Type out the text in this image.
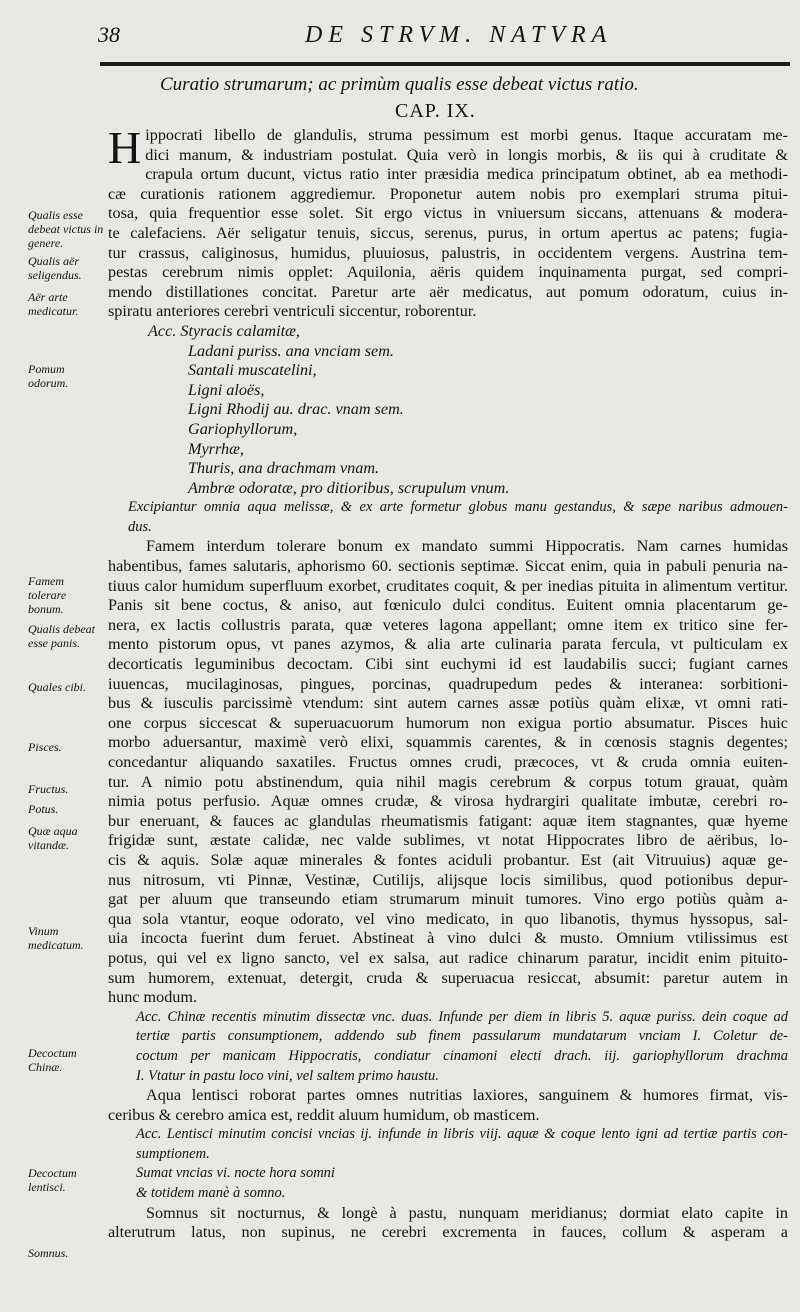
38	DE STRVM. NATVRA
Curatio strumarum; ac primùm qualis esse debeat victus ratio.
CAP. IX.
Qualis esse debeat victus in genere.
Qualis aër seligendus.
Aër arte medicatur.
Pomum odorum.
Famem tolerare bonum.
Qualis debeat esse panis.
Quales cibi.
Pisces.
Fructus.
Potus.
Quæ aqua vitandæ.
Vinum medicatum.
Decoctum Chinæ.
Decoctum lentisci.
Somnus.
H ippocrati libello de glandulis, struma pessimum est morbi genus. Itaque accuratam me-
dici manum, & industriam postulat. Quia verò in longis morbis, & iis qui à cruditate &
crapula ortum ducunt, victus ratio inter præsidia medica principatum obtinet, ab ea methodi-
cæ curationis rationem aggrediemur. Proponetur autem nobis pro exemplari struma pitui-
tosa, quia frequentior esse solet. Sit ergo victus in vniuersum siccans, attenuans & modera-
te calefaciens. Aër seligatur tenuis, siccus, serenus, purus, in ortum apertus ac patens; fugia-
tur crassus, caliginosus, humidus, pluuiosus, palustris, in occidentem vergens. Austrina tem-
pestas cerebrum nimis opplet: Aquilonia, aëris quidem inquinamenta purgat, sed compri-
mendo distillationes concitat. Paretur arte aër medicatus, aut pomum odoratum, cuius in-
spiratu anteriores cerebri ventriculi siccentur, roborentur.
Acc. Styracis calamitæ,
Ladani puriss. ana vnciam sem.
Santali muscatelini,
Ligni aloës,
Ligni Rhodij au. drac. vnam sem.
Gariophyllorum,
Myrrhæ,
Thuris, ana drachmam vnam.
Ambræ odoratæ, pro ditioribus, scrupulum vnum.
Excipiantur omnia aqua melissæ, & ex arte formetur globus manu gestandus, & sæpe naribus admouen-
dus.
Famem interdum tolerare bonum ex mandato summi Hippocratis. Nam carnes humidas
habentibus, fames salutaris, aphorismo 60. sectionis septimæ. Siccat enim, quia in pabuli penuria na-
tiuus calor humidum superfluum exorbet, cruditates coquit, & per inedias pituita in alimentum vertitur.
Panis sit bene coctus, & aniso, aut fœniculo dulci conditus. Euitent omnia placentarum ge-
nera, ex lactis collustris parata, quæ veteres lagona appellant; omne item ex tritico sine fer-
mento pistorum opus, vt panes azymos, & alia arte culinaria parata fercula, vt pulticulam ex
decorticatis leguminibus decoctam. Cibi sint euchymi id est laudabilis succi; fugiant carnes
iuuencas, mucilaginosas, pingues, porcinas, quadrupedum pedes & interanea: sorbitioni-
bus & iusculis parcissimè vtendum: sint autem carnes assæ potiùs quàm elixæ, vt omni rati-
one corpus siccescat & superuacuorum humorum non exigua portio absumatur. Pisces huic
morbo aduersantur, maximè verò elixi, squammis carentes, & in cœnosis stagnis degentes;
concedantur aliquando saxatiles. Fructus omnes crudi, præcoces, vt & cruda omnia euiten-
tur. A nimio potu abstinendum, quia nihil magis cerebrum & corpus totum grauat, quàm
nimia potus perfusio. Aquæ omnes crudæ, & virosa hydrargiri qualitate imbutæ, cerebri ro-
bur eneruant, & fauces ac glandulas rheumatismis fatigant: aquæ item stagnantes, quæ hyeme
frigidæ sunt, æstate calidæ, nec valde sublimes, vt notat Hippocrates libro de aëribus, lo-
cis & aquis. Solæ aquæ minerales & fontes aciduli probantur. Est (ait Vitruuius) aquæ ge-
nus nitrosum, vti Pinnæ, Vestinæ, Cutilijs, alijsque locis similibus, quod potionibus depur-
gat per aluum que transeundo etiam strumarum minuit tumores. Vino ergo potiùs quàm a-
qua sola vtantur, eoque odorato, vel vino medicato, in quo libanotis, thymus hyssopus, sal-
uia incocta fuerint dum feruet. Abstineat à vino dulci & musto. Omnium vtilissimus est
potus, qui vel ex ligno sancto, vel ex salsa, aut radice chinarum paratur, incidit enim pituito-
sum humorem, extenuat, detergit, cruda & superuacua resiccat, absumit: paretur autem in
hunc modum.
Acc. Chinæ recentis minutim dissectæ vnc. duas. Infunde per diem in libris 5. aquæ puriss. dein coque ad
tertiæ partis consumptionem, addendo sub finem passularum mundatarum vnciam I. Coletur de-
coctum per manicam Hippocratis, condiatur cinamoni electi drach. iij. gariophyllorum drachma
I. Vtatur in pastu loco vini, vel saltem primo haustu.
Aqua lentisci roborat partes omnes nutritias laxiores, sanguinem & humores firmat, vis-
ceribus & cerebro amica est, reddit aluum humidum, ob masticem.
Acc. Lentisci minutim concisi vncias ij. infunde in libris viij. aquæ & coque lento igni ad tertiæ partis con-
sumptionem.
Sumat vncias vi. nocte hora somni
& totidem manè à somno.
Somnus sit nocturnus, & longè à pastu, nunquam meridianus; dormiat elato capite in
alterutrum latus, non supinus, ne cerebri excrementa in fauces, collum & asperam a
